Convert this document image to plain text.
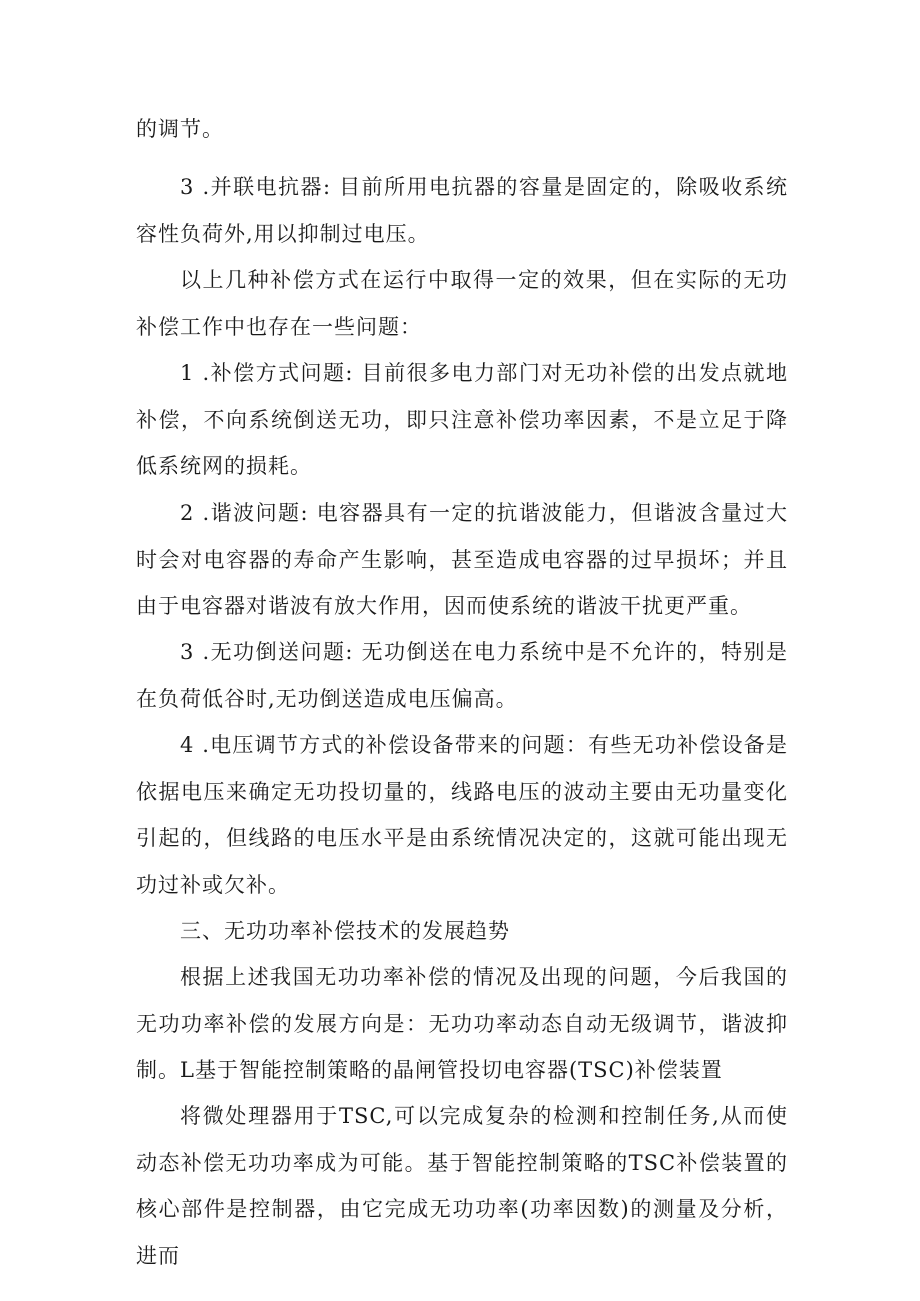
的调节。

3 .并联电抗器: 目前所用电抗器的容量是固定的，除吸收系统容性负荷外,用以抑制过电压。

以上几种补偿方式在运行中取得一定的效果，但在实际的无功补偿工作中也存在一些问题：

1 .补偿方式问题: 目前很多电力部门对无功补偿的出发点就地补偿，不向系统倒送无功，即只注意补偿功率因素，不是立足于降低系统网的损耗。

2 .谐波问题: 电容器具有一定的抗谐波能力，但谐波含量过大时会对电容器的寿命产生影响，甚至造成电容器的过早损坏；并且由于电容器对谐波有放大作用，因而使系统的谐波干扰更严重。

3 .无功倒送问题: 无功倒送在电力系统中是不允许的，特别是在负荷低谷时,无功倒送造成电压偏高。

4 .电压调节方式的补偿设备带来的问题：有些无功补偿设备是依据电压来确定无功投切量的，线路电压的波动主要由无功量变化引起的，但线路的电压水平是由系统情况决定的，这就可能出现无功过补或欠补。

三、无功功率补偿技术的发展趋势

根据上述我国无功功率补偿的情况及出现的问题，今后我国的无功功率补偿的发展方向是：无功功率动态自动无级调节，谐波抑制。 L基于智能控制策略的晶闸管投切电容器(TSC)补偿装置

将微处理器用于TSC,可以完成复杂的检测和控制任务,从而使动态补偿无功功率成为可能。基于智能控制策略的TSC补偿装置的核心部件是控制器，由它完成无功功率(功率因数)的测量及分析，进而
